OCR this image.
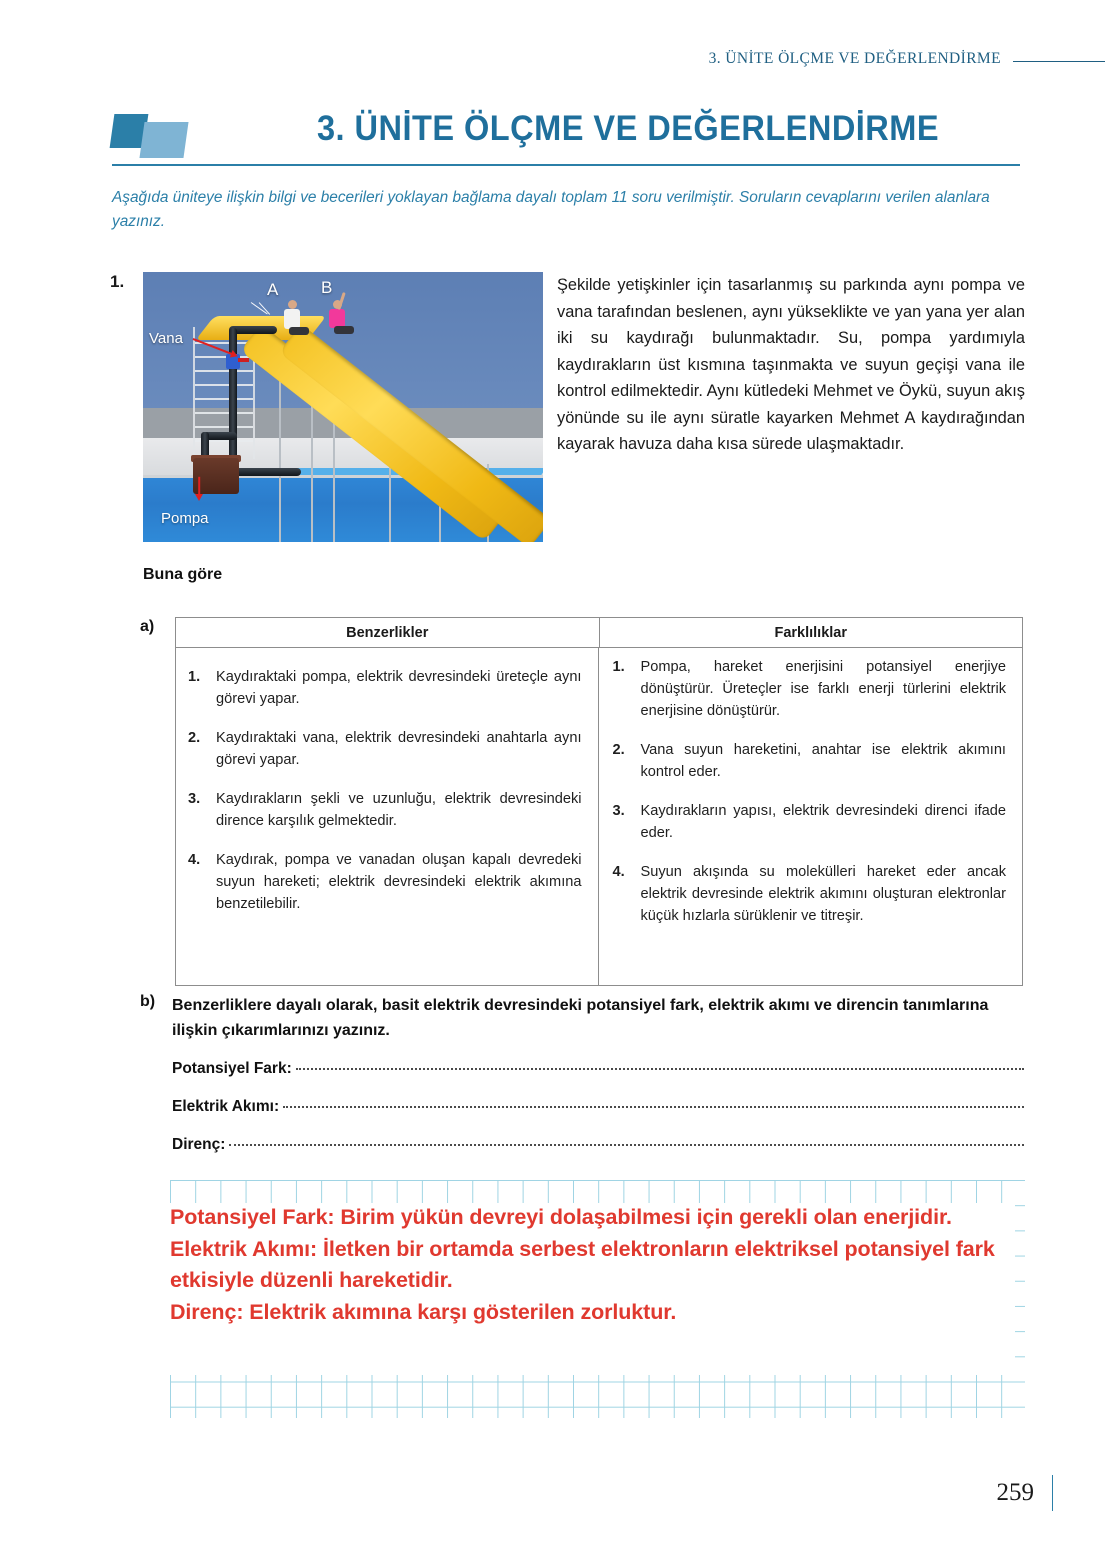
3. ÜNİTE ÖLÇME VE DEĞERLENDİRME
3. ÜNİTE ÖLÇME VE DEĞERLENDİRME
Aşağıda üniteye ilişkin bilgi ve becerileri yoklayan bağlama dayalı toplam 11 soru verilmiştir. Soruların cevaplarını verilen alanlara yazınız.
1.	A	B
Vana
Pompa
Şekilde yetişkinler için tasarlanmış su parkında aynı pompa ve vana tarafından beslenen, aynı yükseklikte ve yan yana yer alan iki su kaydırağı bulunmaktadır. Su, pompa yardımıyla kaydırakların üst kısmına taşınmakta ve suyun geçişi vana ile kontrol edilmektedir. Aynı kütledeki Mehmet ve Öykü, suyun akış yönünde su ile aynı süratle kayarken Mehmet A kaydırağından kayarak havuza daha kısa sürede ulaşmaktadır.
Buna göre
a)	Benzerlikler	Farklılıklar
1. Kaydıraktaki pompa, elektrik devresindeki üreteçle aynı görevi yapar.
2. Kaydıraktaki vana, elektrik devresindeki anahtarla aynı görevi yapar.
3. Kaydırakların şekli ve uzunluğu, elektrik devresindeki dirence karşılık gelmektedir.
4. Kaydırak, pompa ve vanadan oluşan kapalı devredeki suyun hareketi; elektrik devresindeki elektrik akımına benzetilebilir.
1. Pompa, hareket enerjisini potansiyel enerjiye dönüştürür. Üreteçler ise farklı enerji türlerini elektrik enerjisine dönüştürür.
2. Vana suyun hareketini, anahtar ise elektrik akımını kontrol eder.
3. Kaydırakların yapısı, elektrik devresindeki direnci ifade eder.
4. Suyun akışında su molekülleri hareket eder ancak elektrik devresinde elektrik akımını oluşturan elektronlar küçük hızlarla sürüklenir ve titreşir.
b) Benzerliklere dayalı olarak, basit elektrik devresindeki potansiyel fark, elektrik akımı ve direncin tanımlarına ilişkin çıkarımlarınızı yazınız.
Potansiyel Fark:
Elektrik Akımı:
Direnç:
Potansiyel Fark: Birim yükün devreyi dolaşabilmesi için gerekli olan enerjidir.
Elektrik Akımı: İletken bir ortamda serbest elektronların elektriksel potansiyel fark etkisiyle düzenli hareketidir.
Direnç: Elektrik akımına karşı gösterilen zorluktur.
259
